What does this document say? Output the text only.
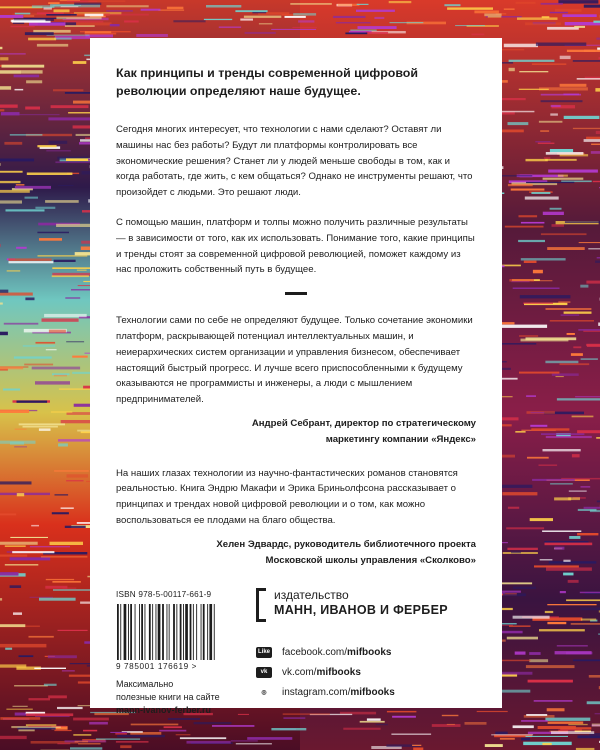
Как принципы и тренды современной цифровой революции определяют наше будущее.

Сегодня многих интересует, что технологии с нами сделают? Оставят ли машины нас без работы? Будут ли платформы контролировать все экономические решения? Станет ли у людей меньше свободы в том, как и когда работать, где жить, с кем общаться? Однако не инструменты решают, что произойдет с людьми. Это решают люди.

С помощью машин, платформ и толпы можно получить различные результаты — в зависимости от того, как их использовать. Понимание того, какие принципы и тренды стоят за современной цифровой революцией, поможет каждому из нас проложить собственный путь в будущее.

Технологии сами по себе не определяют будущее. Только сочетание экономики платформ, раскрывающей потенциал интеллектуальных машин, и неиерархических систем организации и управления бизнесом, обеспечивает настоящий быстрый прогресс. И лучше всего приспособленными к будущему оказываются не программисты и инженеры, а люди с мышлением предпринимателей.

Андрей Себрант, директор по стратегическому
маркетингу компании «Яндекс»

На наших глазах технологии из научно-фантастических романов становятся реальностью. Книга Эндрю Макафи и Эрика Бриньолфсона рассказывает о принципах и трендах новой цифровой революции и о том, как можно воспользоваться ее плодами на благо общества.

Хелен Эдвардс, руководитель библиотечного проекта
Московской школы управления «Сколково»
ISBN 978-5-00117-661-9
9 785001 176619 >
Максимально
полезные книги на сайте
mann-ivanov-ferber.ru
издательство
МАНН, ИВАНОВ И ФЕРБЕР
Like facebook.com/ mifbooks
vk	vk.com/ mifbooks
◎	instagram.com/ mifbooks
